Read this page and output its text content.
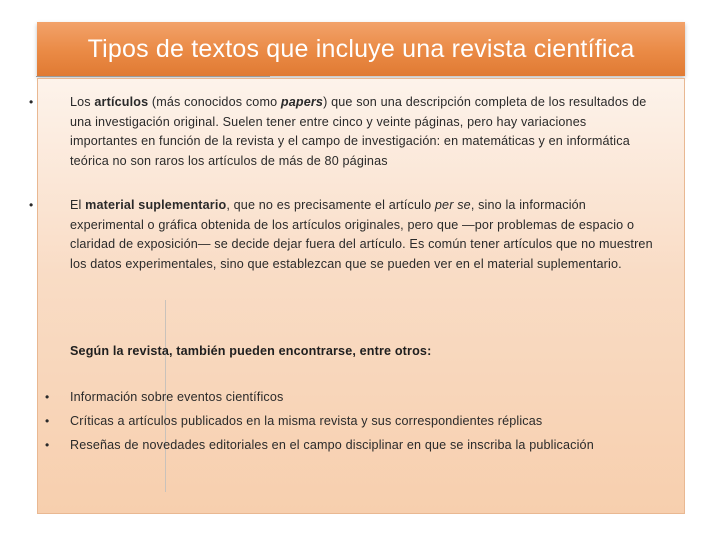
Tipos de textos que incluye una revista científica
•	Los artículos (más conocidos como papers) que son una descripción completa de los resultados de una investigación original. Suelen tener entre cinco y veinte páginas, pero hay variaciones importantes en función de la revista y el campo de investigación: en matemáticas y en informática teórica no son raros los artículos de más de 80 páginas
•	El material suplementario, que no es precisamente el artículo per se, sino la información experimental o gráfica obtenida de los artículos originales, pero que —por problemas de espacio o claridad de exposición— se decide dejar fuera del artículo. Es común tener artículos que no muestren los datos experimentales, sino que establezcan que se pueden ver en el material suplementario.
Según la revista, también pueden encontrarse, entre otros:
• Información sobre eventos científicos
• Críticas a artículos publicados en la misma revista y sus correspondientes réplicas
• Reseñas de novedades editoriales en el campo disciplinar en que se inscriba la publicación
